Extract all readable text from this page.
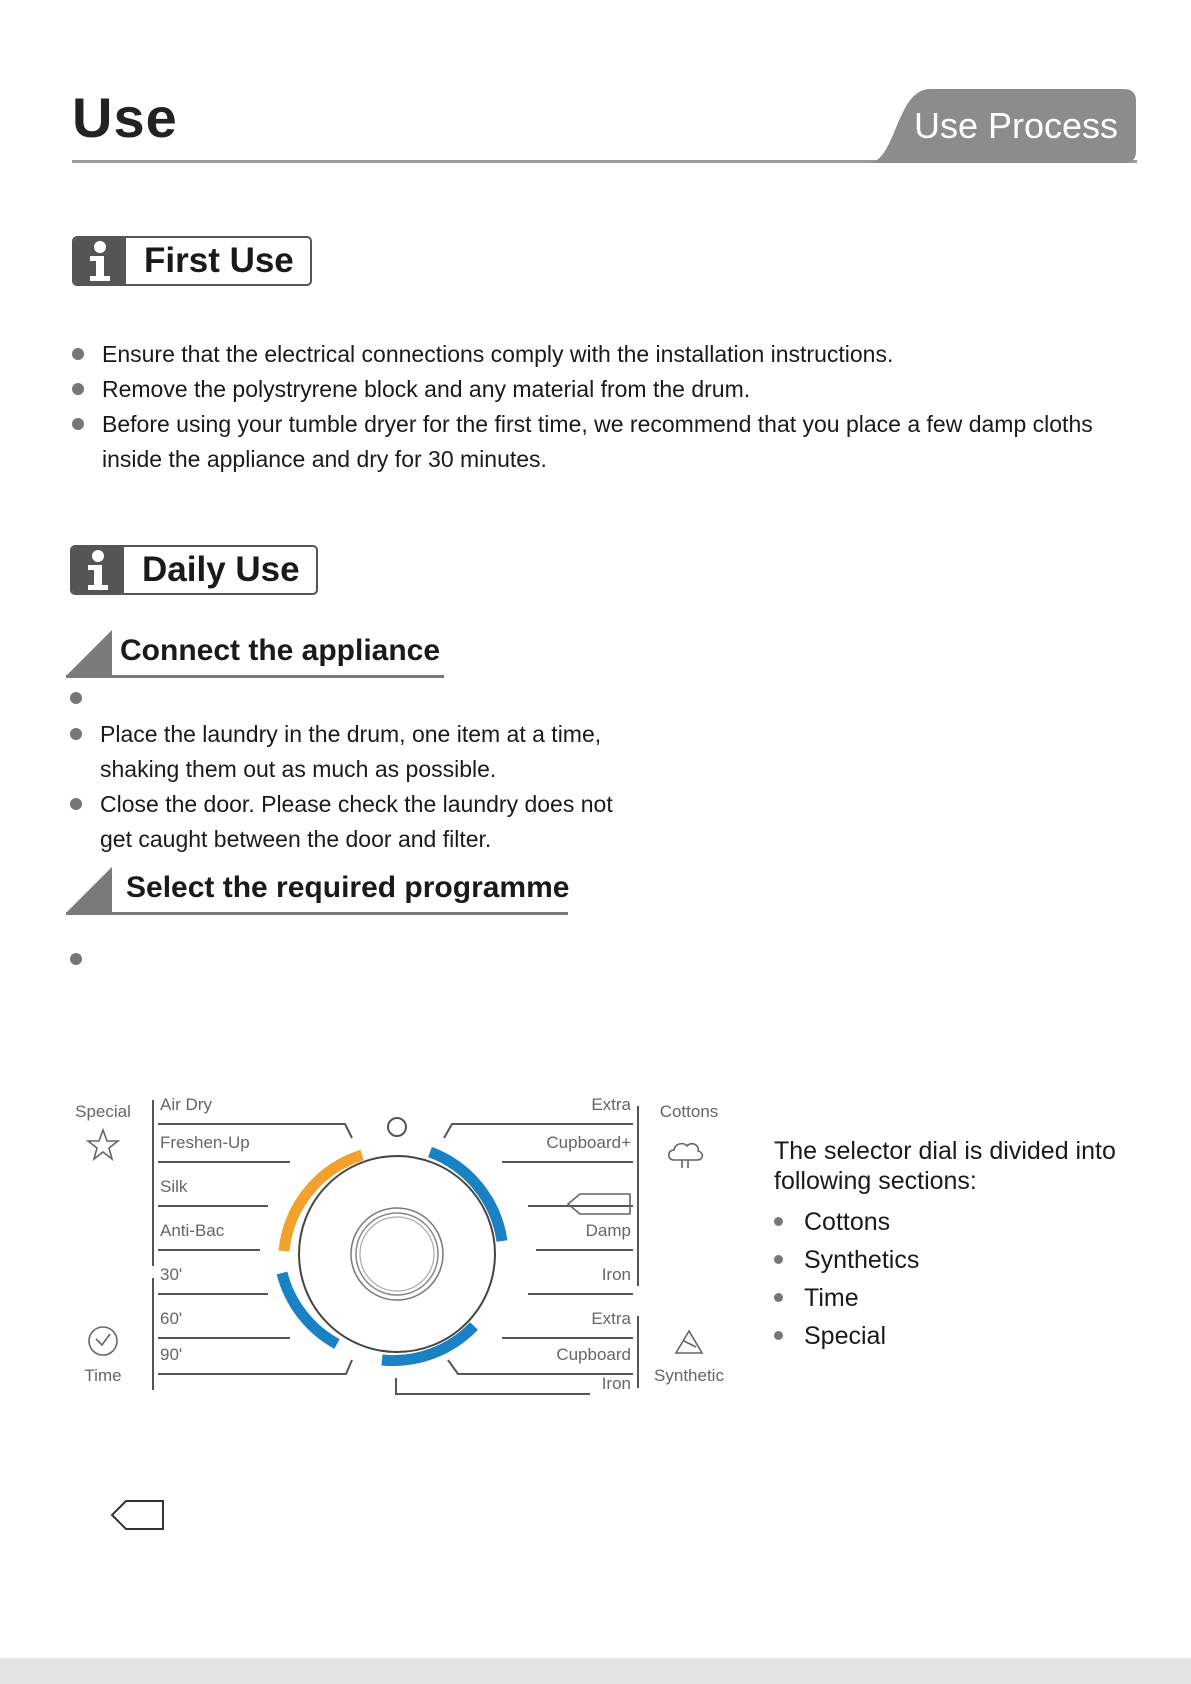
Use	Use Process
First Use
Ensure that the electrical connections comply with the installation instructions.
Remove the polystryrene block and any material from the drum.
Before using your tumble dryer for the first time, we recommend that you place a few damp cloths inside the appliance and dry for 30 minutes.
Daily Use
Connect the appliance
Place the laundry in the drum, one item at a time, shaking them out as much as possible.
Close the door. Please check the laundry does not get caught between the door and filter.
Select the required programme
Special
Time
Cottons
Synthetic
Air Dry
Freshen-Up
Silk
Anti-Bac
30'
60'
90'
Extra
Cupboard+
Damp
Iron
Extra
Cupboard
Iron
The selector dial is divided into following sections:
Cottons
Synthetics
Time
Special
